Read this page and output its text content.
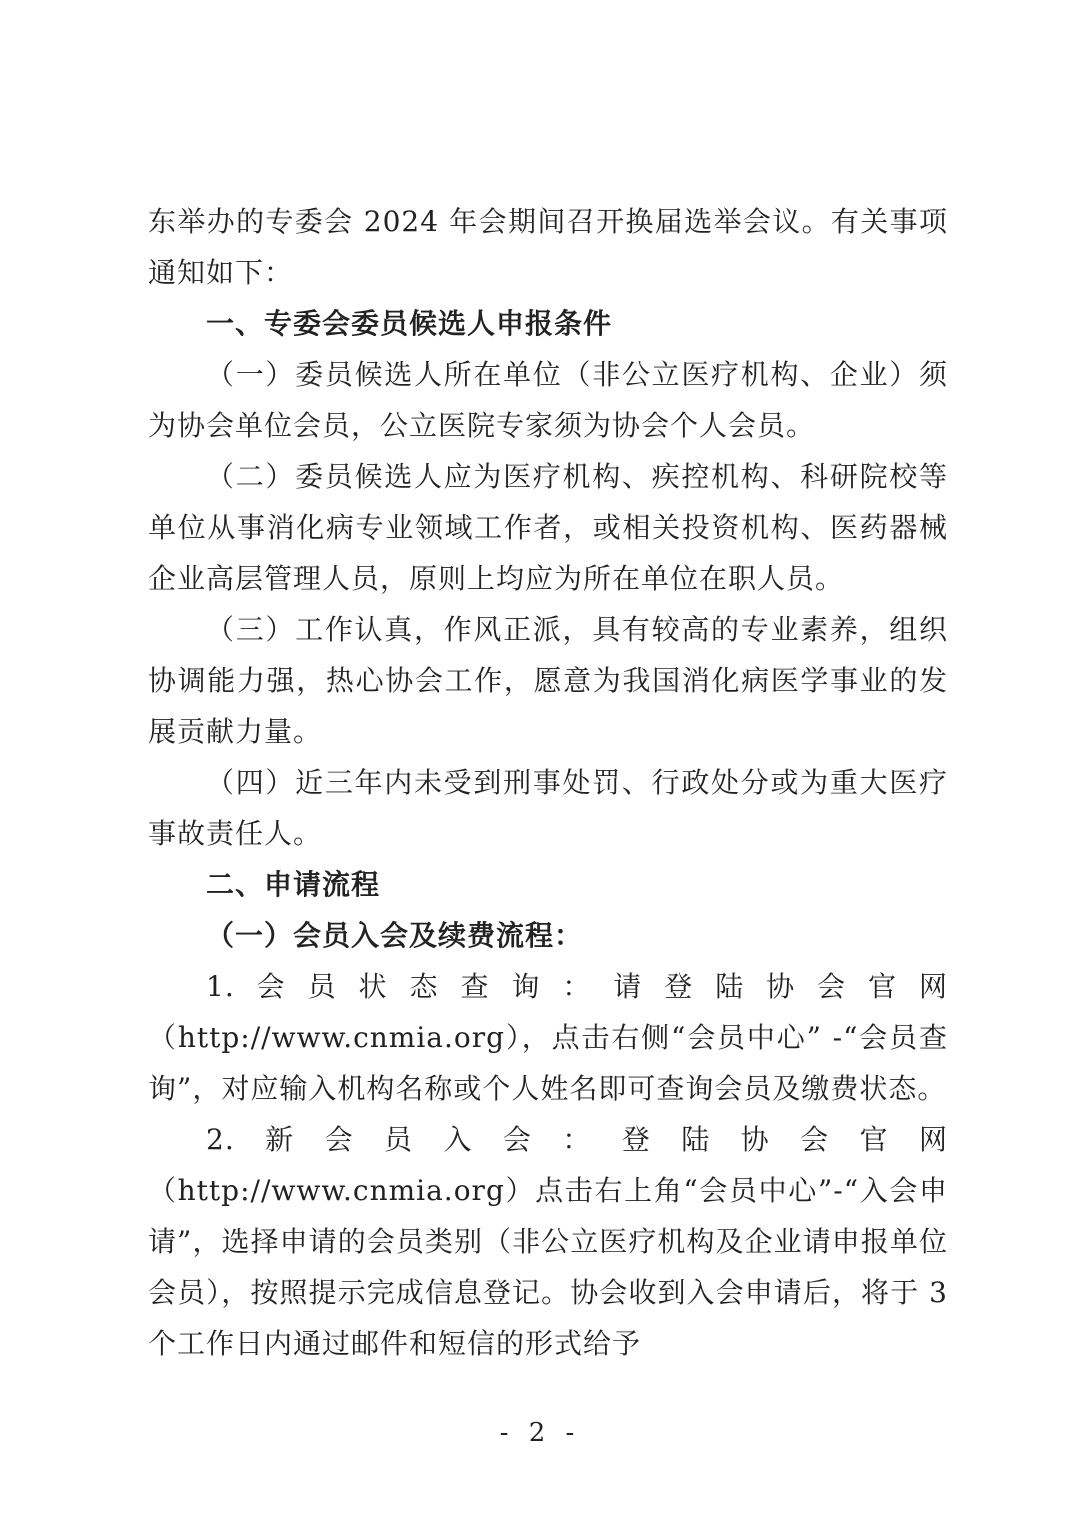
东举办的专委会 2024 年会期间召开换届选举会议。有关事项通知如下：

一、专委会委员候选人申报条件

（一）委员候选人所在单位（非公立医疗机构、企业）须为协会单位会员，公立医院专家须为协会个人会员。

（二）委员候选人应为医疗机构、疾控机构、科研院校等单位从事消化病专业领域工作者，或相关投资机构、医药器械企业高层管理人员，原则上均应为所在单位在职人员。

（三）工作认真，作风正派，具有较高的专业素养，组织协调能力强，热心协会工作，愿意为我国消化病医学事业的发展贡献力量。

（四）近三年内未受到刑事处罚、行政处分或为重大医疗事故责任人。

二、申请流程

（一）会员入会及续费流程：

1.会员状态查询：请登陆协会官网（http://www.cnmia.org），点击右侧“会员中心” -“会员查询”，对应输入机构名称或个人姓名即可查询会员及缴费状态。

2.新会员入会：登陆协会官网（http://www.cnmia.org）点击右上角“会员中心”-“入会申请”，选择申请的会员类别（非公立医疗机构及企业请申报单位会员），按照提示完成信息登记。协会收到入会申请后，将于 3 个工作日内通过邮件和短信的形式给予

- 2 -
